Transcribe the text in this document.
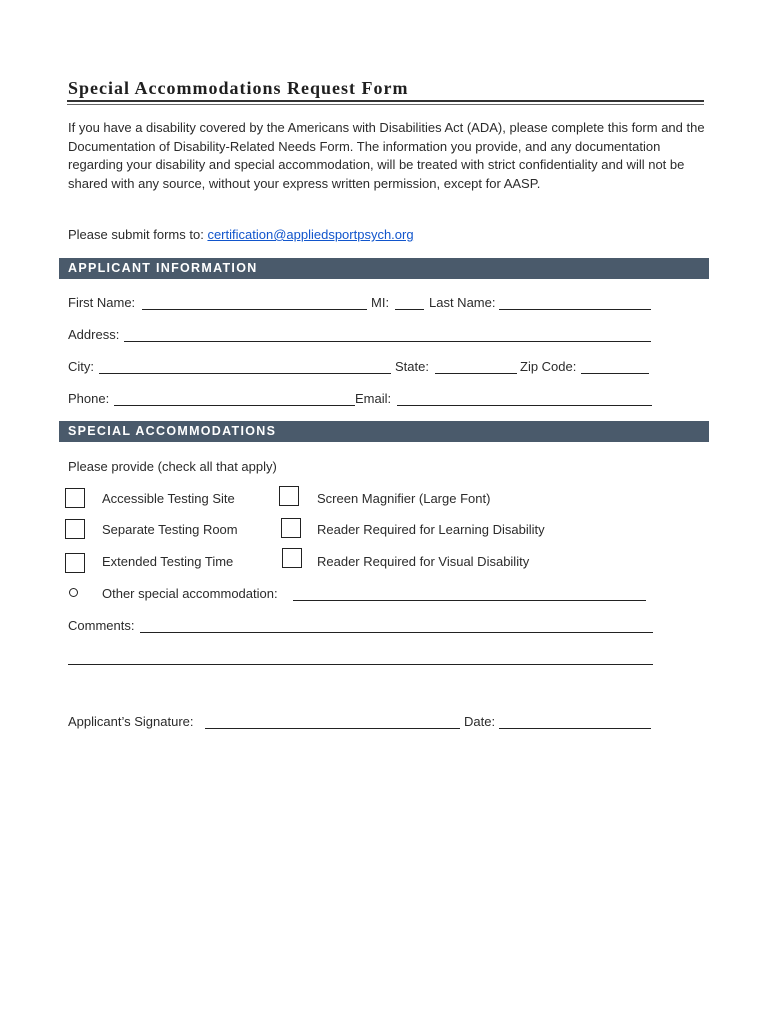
Special Accommodations Request Form
If you have a disability covered by the Americans with Disabilities Act (ADA), please complete this form and the Documentation of Disability-Related Needs Form. The information you provide, and any documentation regarding your disability and special accommodation, will be treated with strict confidentiality and will not be shared with any source, without your express written permission, except for AASP.
Please submit forms to: certification@appliedsportpsych.org
APPLICANT INFORMATION
First Name:	MI:	Last Name:
Address:
City:	State:	Zip Code:
Phone:	Email:
SPECIAL ACCOMMODATIONS
Please provide (check all that apply)
Accessible Testing Site	Screen Magnifier (Large Font)
Separate Testing Room	Reader Required for Learning Disability
Extended Testing Time	Reader Required for Visual Disability
Other special accommodation:
Comments:
Applicant’s Signature:	Date:
